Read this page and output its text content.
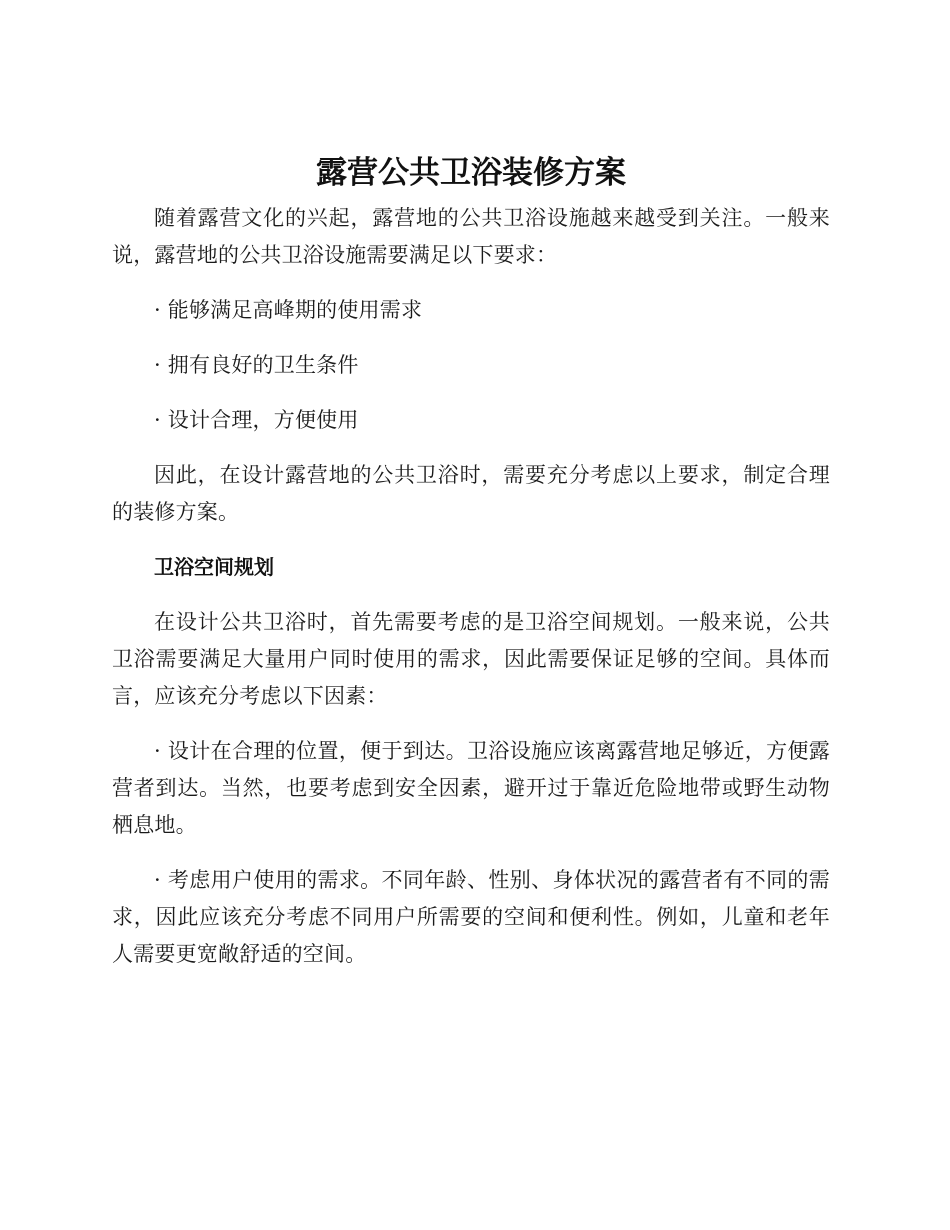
露营公共卫浴装修方案

随着露营文化的兴起，露营地的公共卫浴设施越来越受到关注。一般来说，露营地的公共卫浴设施需要满足以下要求：

· 能够满足高峰期的使用需求

· 拥有良好的卫生条件

· 设计合理，方便使用

因此，在设计露营地的公共卫浴时，需要充分考虑以上要求，制定合理的装修方案。

卫浴空间规划

在设计公共卫浴时，首先需要考虑的是卫浴空间规划。一般来说，公共卫浴需要满足大量用户同时使用的需求，因此需要保证足够的空间。具体而言，应该充分考虑以下因素：

· 设计在合理的位置，便于到达。卫浴设施应该离露营地足够近，方便露营者到达。当然，也要考虑到安全因素，避开过于靠近危险地带或野生动物栖息地。

· 考虑用户使用的需求。不同年龄、性别、身体状况的露营者有不同的需求，因此应该充分考虑不同用户所需要的空间和便利性。例如，儿童和老年人需要更宽敞舒适的空间。
